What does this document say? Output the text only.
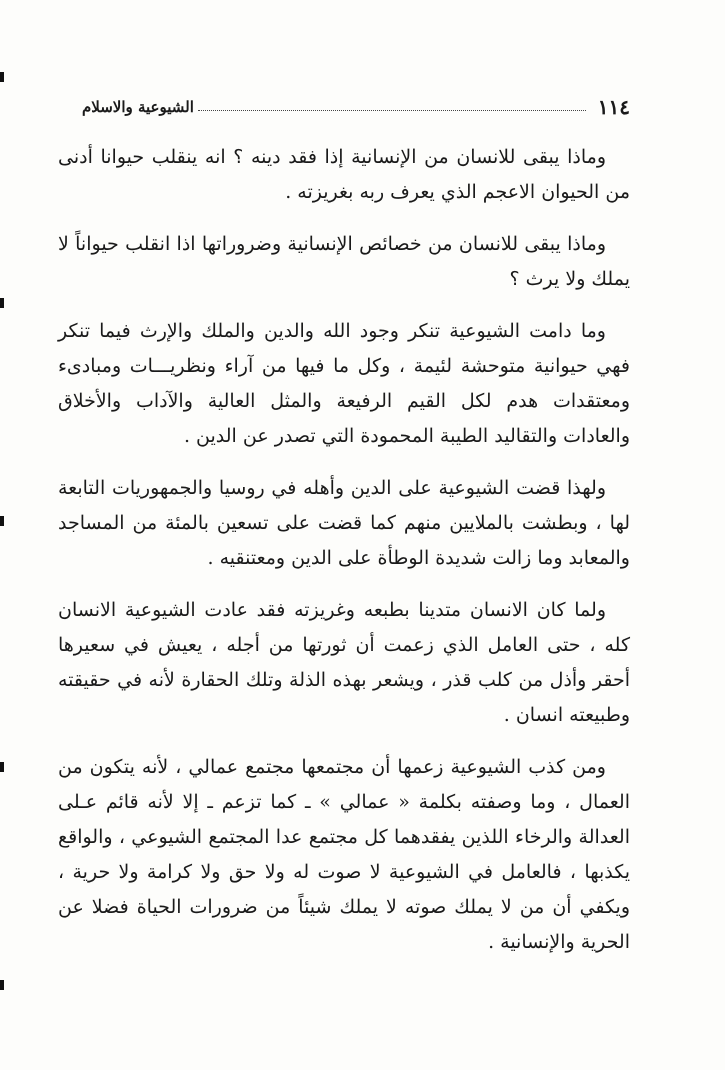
١١٤
الشيوعية والاسلام

وماذا يبقى للانسان من الإنسانية إذا فقد دينه ؟ انه ينقلب حيوانا أدنى من الحيوان الاعجم الذي يعرف ربه بغريزته .

وماذا يبقى للانسان من خصائص الإنسانية وضروراتها اذا انقلب حيواناً لا يملك ولا يرث ؟

وما دامت الشيوعية تنكر وجود الله والدين والملك والإرث فيما تنكر فهي حيوانية متوحشة لئيمة ، وكل ما فيها من آراء ونظريـــات ومبادىء ومعتقدات هدم لكل القيم الرفيعة والمثل العالية والآداب والأخلاق والعادات والتقاليد الطيبة المحمودة التي تصدر عن الدين .

ولهذا قضت الشيوعية على الدين وأهله في روسيا والجمهوريات التابعة لها ، وبطشت بالملايين منهم كما قضت على تسعين بالمئة من المساجد والمعابد وما زالت شديدة الوطأة على الدين ومعتنقيه .

ولما كان الانسان متدينا بطبعه وغريزته فقد عادت الشيوعية الانسان كله ، حتى العامل الذي زعمت أن ثورتها من أجله ، يعيش في سعيرها أحقر وأذل من كلب قذر ، ويشعر بهذه الذلة وتلك الحقارة لأنه في حقيقته وطبيعته انسان .

ومن كذب الشيوعية زعمها أن مجتمعها مجتمع عمالي ، لأنه يتكون من العمال ، وما وصفته بكلمة « عمالي » ـ كما تزعم ـ إلا لأنه قائم عـلى العدالة والرخاء اللذين يفقدهما كل مجتمع عدا المجتمع الشيوعي ، والواقع يكذبها ، فالعامل في الشيوعية لا صوت له ولا حق ولا كرامة ولا حرية ، ويكفي أن من لا يملك صوته لا يملك شيئاً من ضرورات الحياة فضلا عن الحرية والإنسانية .
